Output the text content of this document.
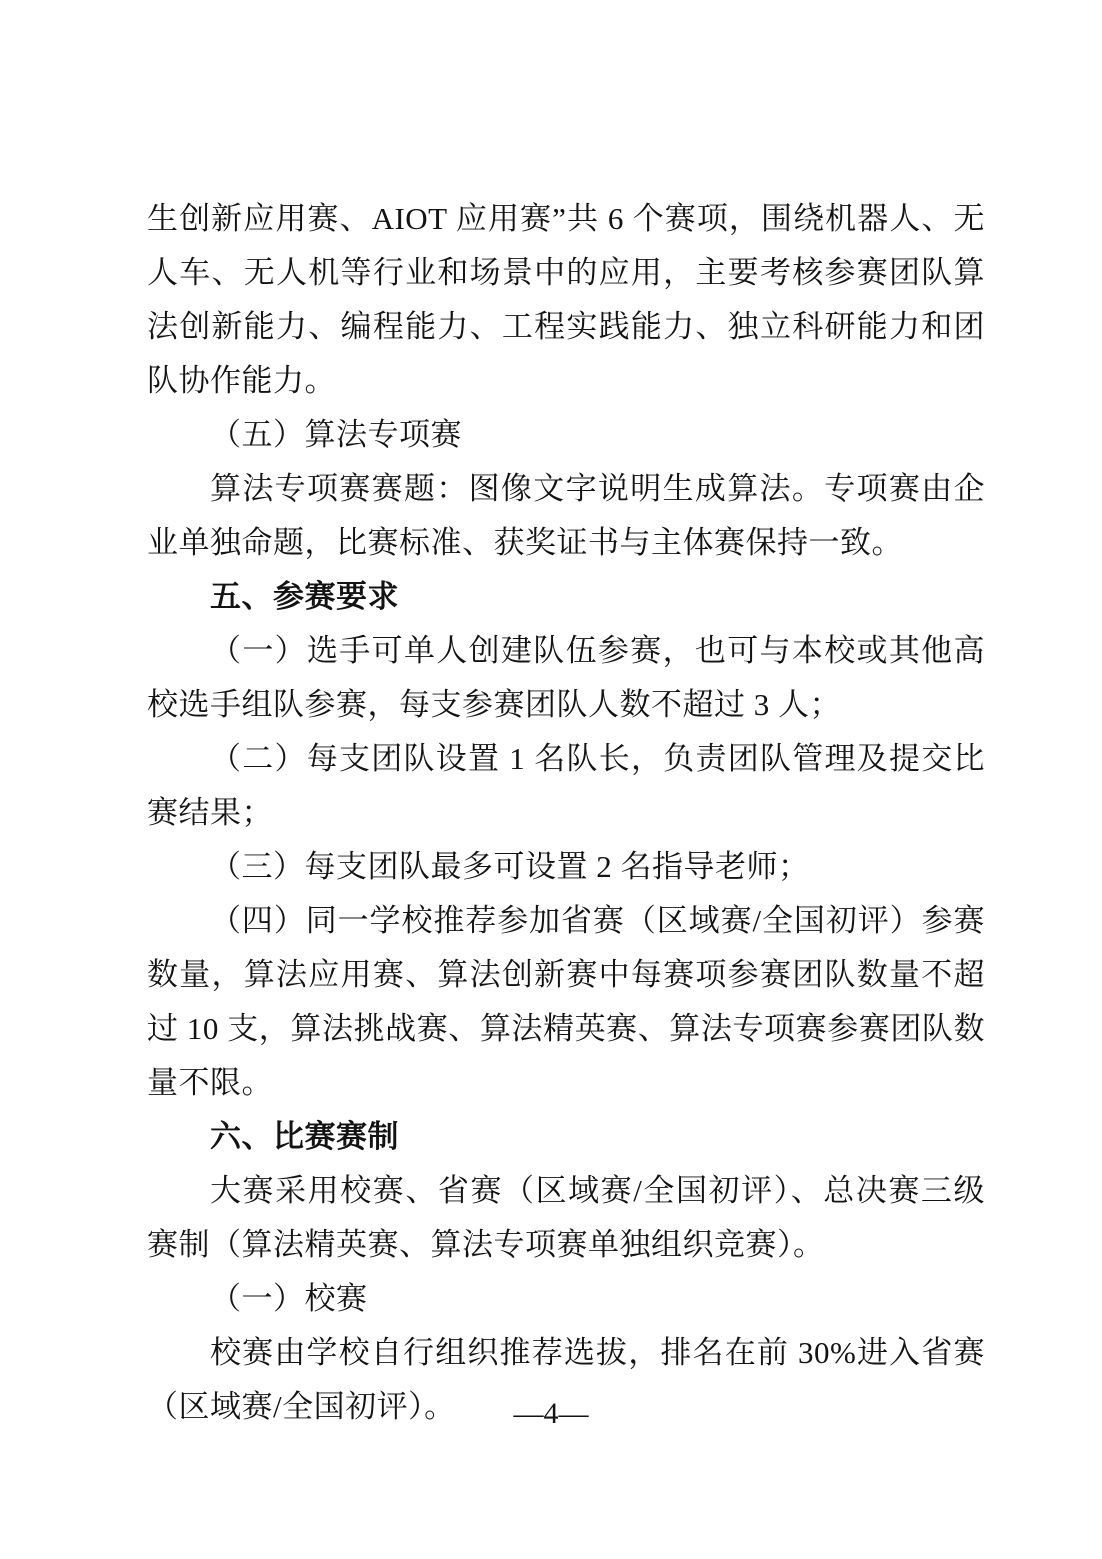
生创新应用赛、AIOT 应用赛”共 6 个赛项，围绕机器人、无人车、无人机等行业和场景中的应用，主要考核参赛团队算法创新能力、编程能力、工程实践能力、独立科研能力和团队协作能力。

（五）算法专项赛

算法专项赛赛题：图像文字说明生成算法。专项赛由企业单独命题，比赛标准、获奖证书与主体赛保持一致。

五、参赛要求

（一）选手可单人创建队伍参赛，也可与本校或其他高校选手组队参赛，每支参赛团队人数不超过 3 人；

（二）每支团队设置 1 名队长，负责团队管理及提交比赛结果；

（三）每支团队最多可设置 2 名指导老师；

（四）同一学校推荐参加省赛（区域赛/全国初评）参赛数量，算法应用赛、算法创新赛中每赛项参赛团队数量不超过 10 支，算法挑战赛、算法精英赛、算法专项赛参赛团队数量不限。

六、比赛赛制

大赛采用校赛、省赛（区域赛/全国初评）、总决赛三级赛制（算法精英赛、算法专项赛单独组织竞赛）。

（一）校赛

校赛由学校自行组织推荐选拔，排名在前 30%进入省赛（区域赛/全国初评）。	—4—
